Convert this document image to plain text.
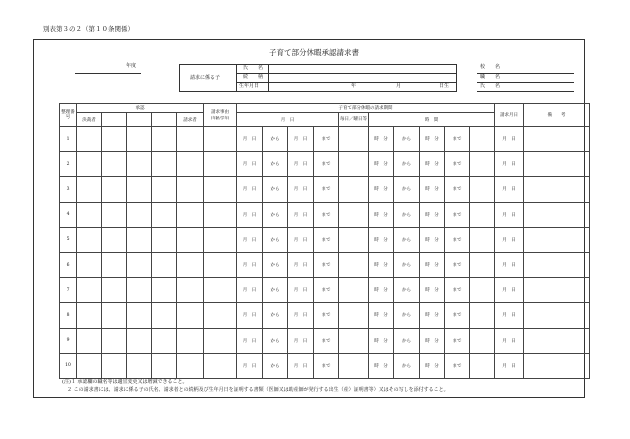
別表第３の２（第１０条関係）
子育て部分休暇承認請求書
年度
請求に係る子
氏　　名
続　　柄
生年月日	年	月	日生
校　　名
職　　名
氏　　名
整理番号	承認					請求事由
(年齢/学年)	子育て部分休暇の請求期間										請求月日	備　　考
	決裁者				請求者		月　日				毎日／曜日等	時　間						
1							月　日	から	月　日	まで		時　分	から	時　分	まで		月　日	
2							月　日	から	月　日	まで		時　分	から	時　分	まで		月　日	
3							月　日	から	月　日	まで		時　分	から	時　分	まで		月　日	
4							月　日	から	月　日	まで		時　分	から	時　分	まで		月　日	
5							月　日	から	月　日	まで		時　分	から	時　分	まで		月　日	
6							月　日	から	月　日	まで		時　分	から	時　分	まで		月　日	
7							月　日	から	月　日	まで		時　分	から	時　分	まで		月　日	
8							月　日	から	月　日	まで		時　分	から	時　分	まで		月　日	
9							月　日	から	月　日	まで		時　分	から	時　分	まで		月　日	
10							月　日	から	月　日	まで		時　分	から	時　分	まで		月　日	
(注)１ 承認欄の職名等は適宜変更又は増減できること。
　２ この請求書には、請求に係る子の氏名、請求者との続柄及び生年月日を証明する書類（医師又は助産師が発行する出生（産）証明書等）又はその写しを添付すること。
